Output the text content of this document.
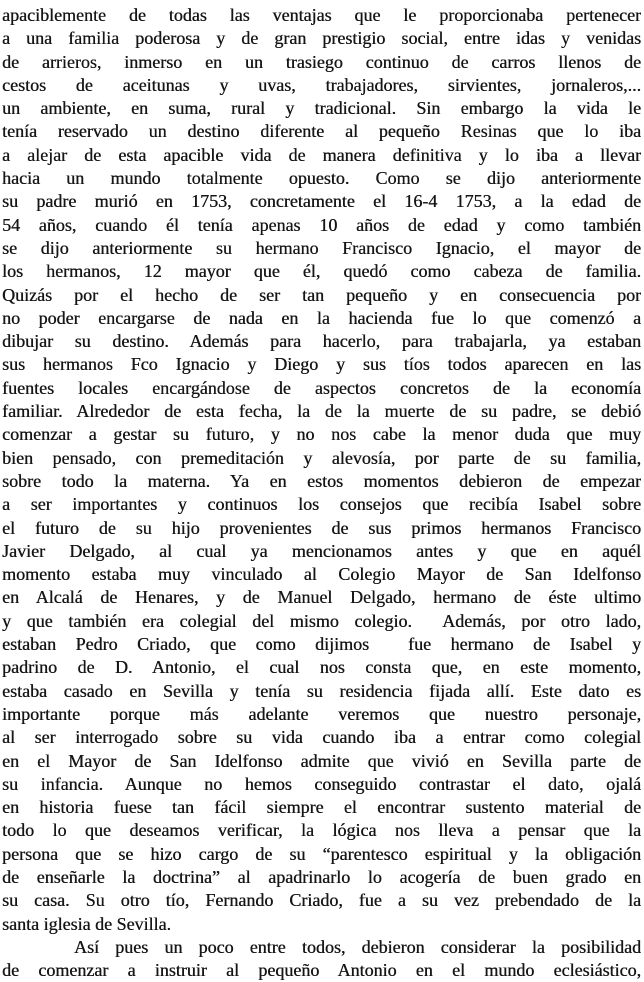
apaciblemente de todas las ventajas que le proporcionaba pertenecer
a una familia poderosa y de gran prestigio social, entre idas y venidas
de arrieros, inmerso en un trasiego continuo de carros llenos de
cestos de aceitunas y uvas, trabajadores, sirvientes, jornaleros,...
un ambiente, en suma, rural y tradicional. Sin embargo la vida le
tenía reservado un destino diferente al pequeño Resinas que lo iba
a alejar de esta apacible vida de manera definitiva y lo iba a llevar
hacia un mundo totalmente opuesto. Como se dijo anteriormente
su padre murió en 1753, concretamente el 16-4 1753, a la edad de
54 años, cuando él tenía apenas 10 años de edad y como también
se dijo anteriormente su hermano Francisco Ignacio, el mayor de
los hermanos, 12 mayor que él, quedó como cabeza de familia.
Quizás por el hecho de ser tan pequeño y en consecuencia por
no poder encargarse de nada en la hacienda fue lo que comenzó a
dibujar su destino. Además para hacerlo, para trabajarla, ya estaban
sus hermanos Fco Ignacio y Diego y sus tíos todos aparecen en las
fuentes locales encargándose de aspectos concretos de la economía
familiar. Alrededor de esta fecha, la de la muerte de su padre, se debió
comenzar a gestar su futuro, y no nos cabe la menor duda que muy
bien pensado, con premeditación y alevosía, por parte de su familia,
sobre todo la materna. Ya en estos momentos debieron de empezar
a ser importantes y continuos los consejos que recibía Isabel sobre
el futuro de su hijo provenientes de sus primos hermanos Francisco
Javier Delgado, al cual ya mencionamos antes y que en aquél
momento estaba muy vinculado al Colegio Mayor de San Idelfonso
en Alcalá de Henares, y de Manuel Delgado, hermano de éste ultimo
y que también era colegial del mismo colegio.  Además, por otro lado,
estaban Pedro Criado, que como dijimos  fue hermano de Isabel y
padrino de D. Antonio, el cual nos consta que, en este momento,
estaba casado en Sevilla y tenía su residencia fijada allí. Este dato es
importante porque más adelante veremos que nuestro personaje,
al ser interrogado sobre su vida cuando iba a entrar como colegial
en el Mayor de San Idelfonso admite que vivió en Sevilla parte de
su infancia. Aunque no hemos conseguido contrastar el dato, ojalá
en historia fuese tan fácil siempre el encontrar sustento material de
todo lo que deseamos verificar, la lógica nos lleva a pensar que la
persona que se hizo cargo de su “parentesco espiritual y la obligación
de enseñarle la doctrina” al apadrinarlo lo acogería de buen grado en
su casa. Su otro tío, Fernando Criado, fue a su vez prebendado de la
santa iglesia de Sevilla.
Así pues un poco entre todos, debieron considerar la posibilidad
de comenzar a instruir al pequeño Antonio en el mundo eclesiástico,
